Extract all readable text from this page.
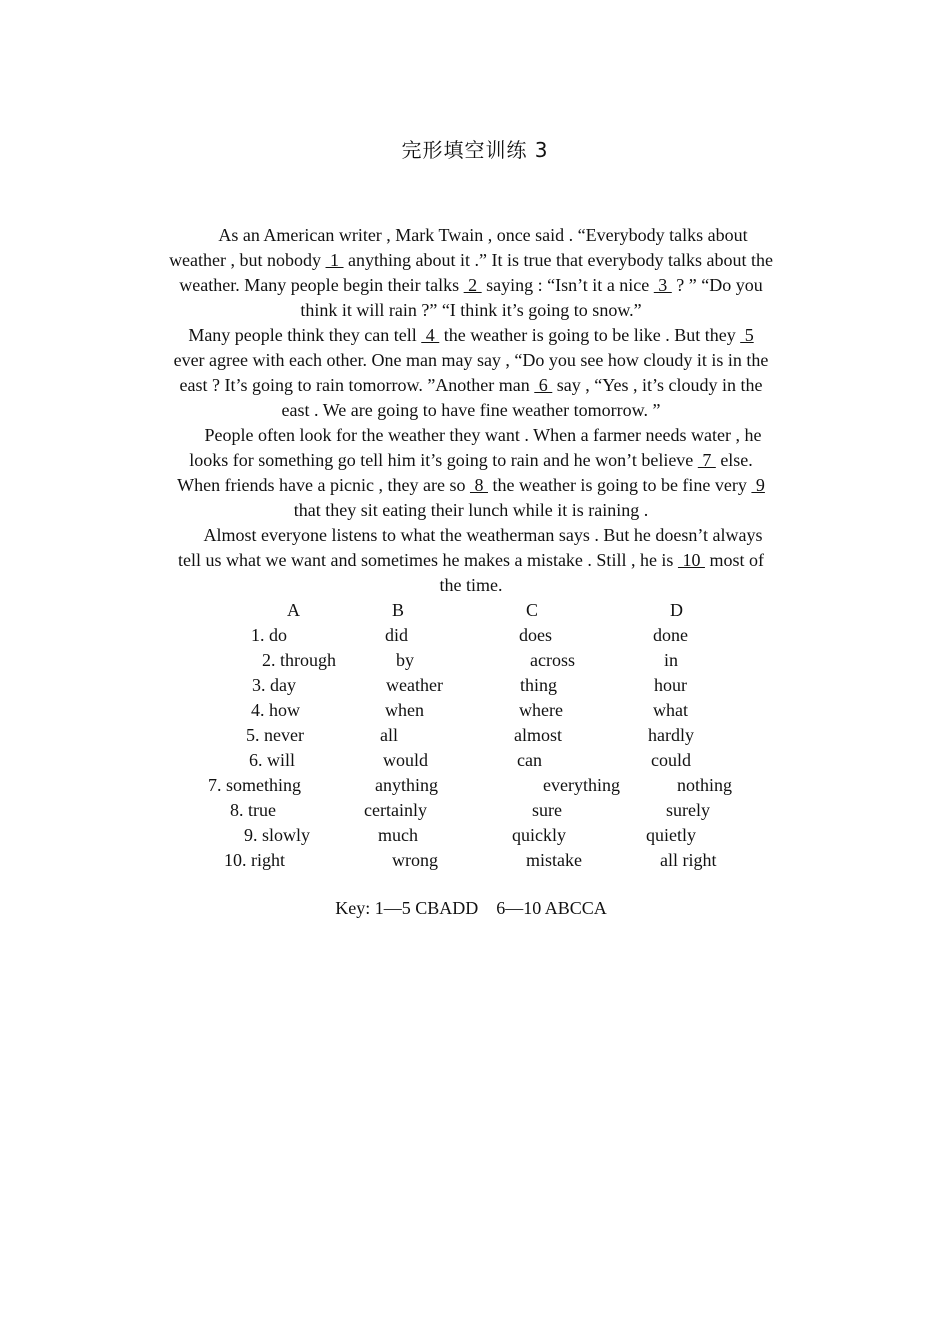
完形填空训练 3
As an American writer , Mark Twain , once said . “Everybody talks about
weather , but nobody  1  anything about it .” It is true that everybody talks about the
weather. Many people begin their talks  2  saying : “Isn’t it a nice  3  ? ” “Do you
think it will rain ?” “I think it’s going to snow.”
Many people think they can tell  4  the weather is going to be like . But they  5
ever agree with each other. One man may say , “Do you see how cloudy it is in the
east ? It’s going to rain tomorrow. ”Another man  6  say , “Yes , it’s cloudy in the
east . We are going to have fine weather tomorrow. ”
People often look for the weather they want . When a farmer needs water , he
looks for something go tell him it’s going to rain and he won’t believe  7  else.
When friends have a picnic , they are so  8  the weather is going to be fine very  9
that they sit eating their lunch while it is raining .
Almost everyone listens to what the weatherman says . But he doesn’t always
tell us what we want and sometimes he makes a mistake . Still , he is  10  most of
the time.
A	B	C	D
1. do	did	does	done
2. through	by	across	in
3. day	weather	thing	hour
4. how	when	where	what
5. never	all	almost	hardly
6. will	would	can	could
7. something	anything	everything	nothing
8. true	certainly	sure	surely
9. slowly	much	quickly	quietly
10. right	wrong	mistake	all right
Key: 1—5 CBADD    6—10 ABCCA
